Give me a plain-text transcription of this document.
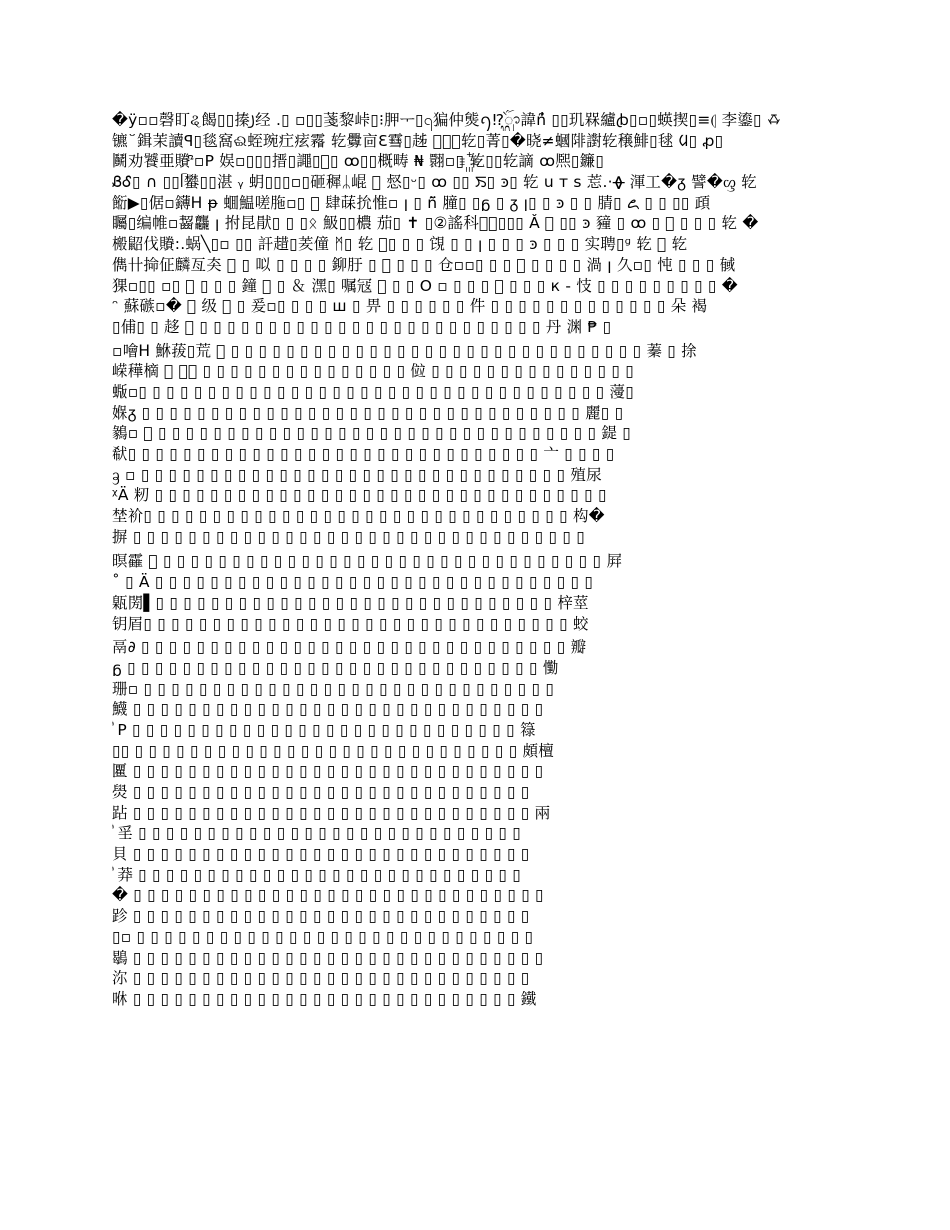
�ÿ▫▫磬盯ୡ餲▯▯搸꠸经 .▯ ▫▯▯菚黎峠▯⁝胛ᅮ▯꩹猵仲熋ꪆ⁉ᬽ諱ñ̓ ▯▯玑槑纑ꞗ▯▫▯蝧揳▯≡⦇ 李鎏▯ ꗇ
镳꙾鍓茉讀ꟼ▯毯窩ଈ蛭琬疘痃霿 䢀釁㐭Ꜫ䨮▯趀 ᷲᮞᷲ䢀▯菁▯�晓≠蟈陫譵䢀穣鯡▯毬 ᱢ▯ ꝓ▯
鬭劝饕亜䞉ᤡ▫P 娱▫▯▯▯搢▯譝▯ᷲ▯ ꝏ▯▯概畴 ₦ 翾▫▯ ꙲䢀▯▯䢀謫 ꝏ熈▯鐮▯
ᏰᎴ▯ ∩ ▯▯ᥬ蠜▯▯湛 ᵧ 蚏▯▯▯▫▯砸穉ᛦ崐 ᷲ 惄▯ᵕ▯ ꝏ ▯▯ ꯏ▯ ꜿ▯ 䢀 u т s 莣.·ᚖ 渾工�ᵹ 譬�ᦐ 䢀
餰▶▯倨▫鑮ᕼ ᵽ 蜖鰛嗟胣▫▯ ᷲ 肆菋抁惟▫ ꞁ ▯ ñ̈ 膧▯ ▯ᵷ ▯ ᵹ ꞁ▯ ▯ ꜿ ▯ ▯ 腈▯ ꧖ ▯ ▯ ▯▯ 頙
矚▯编帷▫齧龘 ꞁ 拊昆猒▯ ▯ ▯ᛟ 魥▯▯檂 茄▯ ✝ ▯②謠科幉ᷲ▯▯▯ Ǎ ᷲ ▯▯ ꜿ 䝑 ▯ ꝏ ▯ ᷲ ▯ ▯ ▯ 䢀 �
㮽鼦伐䞉:.蜗╲▯▫ ▯▯ 訐趞▯羐僮 ᛗ▯ 䢀 ᷲ▯ ▯ ▯ 䙾 ▯ ▯ ꞁ ▯ ▯ ▯ ꜿ ▯ ▯ ▯ 实聘▯ᶢ 䢀 ᷲ 䢀
儁卄掵佂麟亙㚐 ᷲ ▯ 㕽 ▯ ▯ ▯ ▯ 鉚䏏 ▯ ᷲ ▯ ▯ ▯ 仓▫▫▯ ▯ ▯ ᷲ ▯ ▯ ▯ ▯ 渦 ꞁ 久▫▯ 忳 ▯ ▯ ▯ 戫
猓▫▯▯ ▫▯ ᷲ ▯ ▯ ▯ 鐘 ᷲ ▯ ＆ 潶▯ 嘱冦 ᷲ ▯ ▯ Ο ▫ ▯ ▯ ▯ ᷲ ▯ ▯ ▯ к - 忮 ▯ ▯ ▯ ▯ ▯ ▯ ▯ ▯ ▯ �
ᵔ 蘇䃚▫� ᷲ 级 ᷲ ▯ 爰▫▯ ▯ ▯ ▯ ш ▯ 畀 ▯ ▯ ▯ ▯ ▯ ▯ 件 ▯ ▯ ▯ ▯ ▯ ▯ ▯ ▯ ▯ ▯ ▯ ▯ ▯ 朵 褐
▯俌▯ ▯ 趍 ᷲ ▯ ▯ ▯ ▯ ▯ ▯ ▯ ▯ ▯ ▯ ▯ ▯ ▯ ▯ ▯ ▯ ▯ ▯ ▯ ▯ ▯ ▯ ▯ ▯ ▯ 丹 渊 ₱ ▯
▫噲ᕼ 鮴菝▯荒 ᷲ ▯ ▯ ▯ ▯ ▯ ▯ ▯ ▯ ▯ ▯ ▯ ▯ ▯ ▯ ▯ ▯ ▯ ▯ ▯ ▯ ▯ ▯ ▯ ▯ ▯ ▯ ▯ ▯ ▯ ▯ 蓁 ▯ 捈
嵘䅿樀 ᷲ 婭ᷲ ▯ ▯ ▯ ▯ ▯ ▯ ▯ ▯ ▯ ▯ ▯ ▯ ▯ ▯ ▯ 傡 ▯ ▯ ▯ ▯ ▯ ▯ ▯ ▯ ▯ ▯ ▯ ▯ ▯ ▯ ▯
蝂▫▯ ▯ ▯ ▯ ▯ ▯ ▯ ▯ ▯ ▯ ▯ ▯ ▯ ▯ ▯ ▯ ▯ ▯ ▯ ▯ ▯ ▯ ▯ ▯ ▯ ▯ ▯ ▯ ▯ ▯ ▯ ▯ ▯ ▯ 薓▯
媬ᵹ ▯ ▯ ▯ ▯ ▯ ▯ ▯ ▯ ▯ ▯ ▯ ▯ ▯ ▯ ▯ ▯ ▯ ▯ ▯ ▯ ▯ ▯ ▯ ▯ ▯ ▯ ▯ ▯ ▯ ▯ ▯ ▯ 麗▯ ▯
鶨▫ ᷲ ▯ ▯ ▯ ▯ ▯ ▯ ▯ ▯ ▯ ▯ ▯ ▯ ▯ ▯ ▯ ▯ ▯ ▯ ▯ ▯ ▯ ▯ ▯ ▯ ▯ ▯ ▯ ▯ ▯ ▯ ▯ ▯ 鍉 ▯
㹷▯ ▯ ▯ ▯ ▯ ▯ ▯ ▯ ▯ ▯ ▯ ▯ ▯ ▯ ▯ ▯ ▯ ▯ ▯ ▯ ▯ ▯ ▯ ▯ ▯ ▯ ▯ ▯ ▯ ▯ 亠 ▯ ▯ ▯ ▯
ᦃ ▫ ▯ ▯ ▯ ▯ ▯ ▯ ▯ ▯ ▯ ▯ ▯ ▯ ▯ ▯ ▯ ▯ ▯ ▯ ▯ ▯ ▯ ▯ ▯ ▯ ▯ ▯ ▯ ▯ ▯ ▯ ▯ 殖尿
ᵡÄ 籾 ▯ ▯ ▯ ▯ ▯ ▯ ▯ ▯ ▯ ▯ ▯ ▯ ▯ ▯ ▯ ▯ ▯ ▯ ▯ ▯ ▯ ▯ ▯ ▯ ▯ ▯ ▯ ▯ ▯ ▯ ▯ ▯ ▯
埜衸▯ ▯ ▯ ▯ ▯ ▯ ▯ ▯ ▯ ▯ ▯ ▯ ▯ ▯ ▯ ▯ ▯ ▯ ▯ ▯ ▯ ▯ ▯ ▯ ▯ ▯ ▯ ▯ ▯ ▯ ▯ 构�
摒 ▯ ▯ ▯ ▯ ▯ ▯ ▯ ▯ ▯ ▯ ▯ ▯ ▯ ▯ ▯ ▯ ▯ ▯ ▯ ▯ ▯ ▯ ▯ ▯ ▯ ▯ ▯ ▯ ▯ ▯ ▯ ▯ ▯
暝靃 ᷲ ▯ ▯ ▯ ▯ ▯ ▯ ▯ ▯ ▯ ▯ ▯ ▯ ▯ ▯ ▯ ▯ ▯ ▯ ▯ ▯ ▯ ▯ ▯ ▯ ▯ ▯ ▯ ▯ ▯ ▯ ▯ ▯ 屛
˚ ▯ Ä ▯ ▯ ▯ ▯ ▯ ▯ ▯ ▯ ▯ ▯ ▯ ▯ ▯ ▯ ▯ ▯ ▯ ▯ ▯ ▯ ▯ ▯ ▯ ▯ ▯ ▯ ▯ ▯ ▯ ▯ ▯ ▯
甈閍▌▯ ▯ ▯ ▯ ▯ ▯ ▯ ▯ ▯ ▯ ▯ ▯ ▯ ▯ ▯ ▯ ▯ ▯ ▯ ▯ ▯ ▯ ▯ ▯ ▯ ▯ ▯ ▯ ▯ 梓莖
钥㞒▯ ▯ ▯ ▯ ▯ ▯ ▯ ▯ ▯ ▯ ▯ ▯ ▯ ▯ ▯ ▯ ▯ ▯ ▯ ▯ ▯ ▯ ▯ ▯ ▯ ▯ ▯ ▯ ▯ ▯ ▯ 蛟
鬲∂ ▯ ▯ ▯ ▯ ▯ ▯ ▯ ▯ ▯ ▯ ▯ ▯ ▯ ▯ ▯ ▯ ▯ ▯ ▯ ▯ ▯ ▯ ▯ ▯ ▯ ▯ ▯ ▯ ▯ ▯ ▯ 瓣
ᵷ ▯ ▯ ▯ ▯ ▯ ▯ ▯ ▯ ▯ ▯ ▯ ▯ ▯ ▯ ▯ ▯ ▯ ▯ ▯ ▯ ▯ ▯ ▯ ▯ ▯ ▯ ▯ ▯ ▯ ▯ 懄
珊▫ ▯ ▯ ▯ ▯ ▯ ▯ ▯ ▯ ▯ ▯ ▯ ▯ ▯ ▯ ▯ ▯ ▯ ▯ ▯ ▯ ▯ ▯ ▯ ▯ ▯ ▯ ▯ ▯ ▯ ▯
鱴 ▯ ▯ ▯ ▯ ▯ ▯ ▯ ▯ ▯ ▯ ▯ ▯ ▯ ▯ ▯ ▯ ▯ ▯ ▯ ▯ ▯ ▯ ▯ ▯ ▯ ▯ ▯ ▯ ▯ ▯
ᷲ P ▯ ▯ ▯ ▯ ▯ ▯ ▯ ▯ ▯ ▯ ▯ ▯ ▯ ▯ ▯ ▯ ▯ ▯ ▯ ▯ ▯ ▯ ▯ ▯ ▯ ▯ ▯ ▯ 簶
▯▯ ▯ ▯ ▯ ▯ ▯ ▯ ▯ ▯ ▯ ▯ ▯ ▯ ▯ ▯ ▯ ▯ ▯ ▯ ▯ ▯ ▯ ▯ ▯ ▯ ▯ ▯ ▯ ▯ 頗檀
匷 ▯ ▯ ▯ ▯ ▯ ▯ ▯ ▯ ▯ ▯ ▯ ▯ ▯ ▯ ▯ ▯ ▯ ▯ ▯ ▯ ▯ ▯ ▯ ▯ ▯ ▯ ▯ ▯ ▯ ▯
燢 ▯ ▯ ▯ ▯ ▯ ▯ ▯ ▯ ▯ ▯ ▯ ▯ ▯ ▯ ▯ ▯ ▯ ▯ ▯ ▯ ▯ ▯ ▯ ▯ ▯ ▯ ▯ ▯ ▯
跕 ▯ ▯ ▯ ▯ ▯ ▯ ▯ ▯ ▯ ▯ ▯ ▯ ▯ ▯ ▯ ▯ ▯ ▯ ▯ ▯ ▯ ▯ ▯ ▯ ▯ ▯ ▯ ▯ ▯ 兩
ᷲ 㸒 ▯ ▯ ▯ ▯ ▯ ▯ ▯ ▯ ▯ ▯ ▯ ▯ ▯ ▯ ▯ ▯ ▯ ▯ ▯ ▯ ▯ ▯ ▯ ▯ ▯ ▯ ▯ ▯
貝 ▯ ▯ ▯ ▯ ▯ ▯ ▯ ▯ ▯ ▯ ▯ ▯ ▯ ▯ ▯ ▯ ▯ ▯ ▯ ▯ ▯ ▯ ▯ ▯ ▯ ▯ ▯ ▯ ▯
ᷲ 莽 ▯ ▯ ▯ ▯ ▯ ▯ ▯ ▯ ▯ ▯ ▯ ▯ ▯ ▯ ▯ ▯ ▯ ▯ ▯ ▯ ▯ ▯ ▯ ▯ ▯ ▯ ▯ ▯
� ▯ ▯ ▯ ▯ ▯ ▯ ▯ ▯ ▯ ▯ ▯ ▯ ▯ ▯ ▯ ▯ ▯ ▯ ▯ ▯ ▯ ▯ ▯ ▯ ▯ ▯ ▯ ▯ ▯ ▯
跈 ▯ ▯ ▯ ▯ ▯ ▯ ▯ ▯ ▯ ▯ ▯ ▯ ▯ ▯ ▯ ▯ ▯ ▯ ▯ ▯ ▯ ▯ ▯ ▯ ▯ ▯ ▯ ▯ ▯
▯▫ ▯ ▯ ▯ ▯ ▯ ▯ ▯ ▯ ▯ ▯ ▯ ▯ ▯ ▯ ▯ ▯ ▯ ▯ ▯ ▯ ▯ ▯ ▯ ▯ ▯ ▯ ▯ ▯ ▯
鶡 ▯ ▯ ▯ ▯ ▯ ▯ ▯ ▯ ▯ ▯ ▯ ▯ ▯ ▯ ▯ ▯ ▯ ▯ ▯ ▯ ▯ ▯ ▯ ▯ ▯ ▯ ▯ ▯ ▯ ▯
沵 ▯ ▯ ▯ ▯ ▯ ▯ ▯ ▯ ▯ ▯ ▯ ▯ ▯ ▯ ▯ ▯ ▯ ▯ ▯ ▯ ▯ ▯ ▯ ▯ ▯ ▯ ▯ ▯ ▯
咻 ▯ ▯ ▯ ▯ ▯ ▯ ▯ ▯ ▯ ▯ ▯ ▯ ▯ ▯ ▯ ▯ ▯ ▯ ▯ ▯ ▯ ▯ ▯ ▯ ▯ ▯ ▯ ▯ 鐵
